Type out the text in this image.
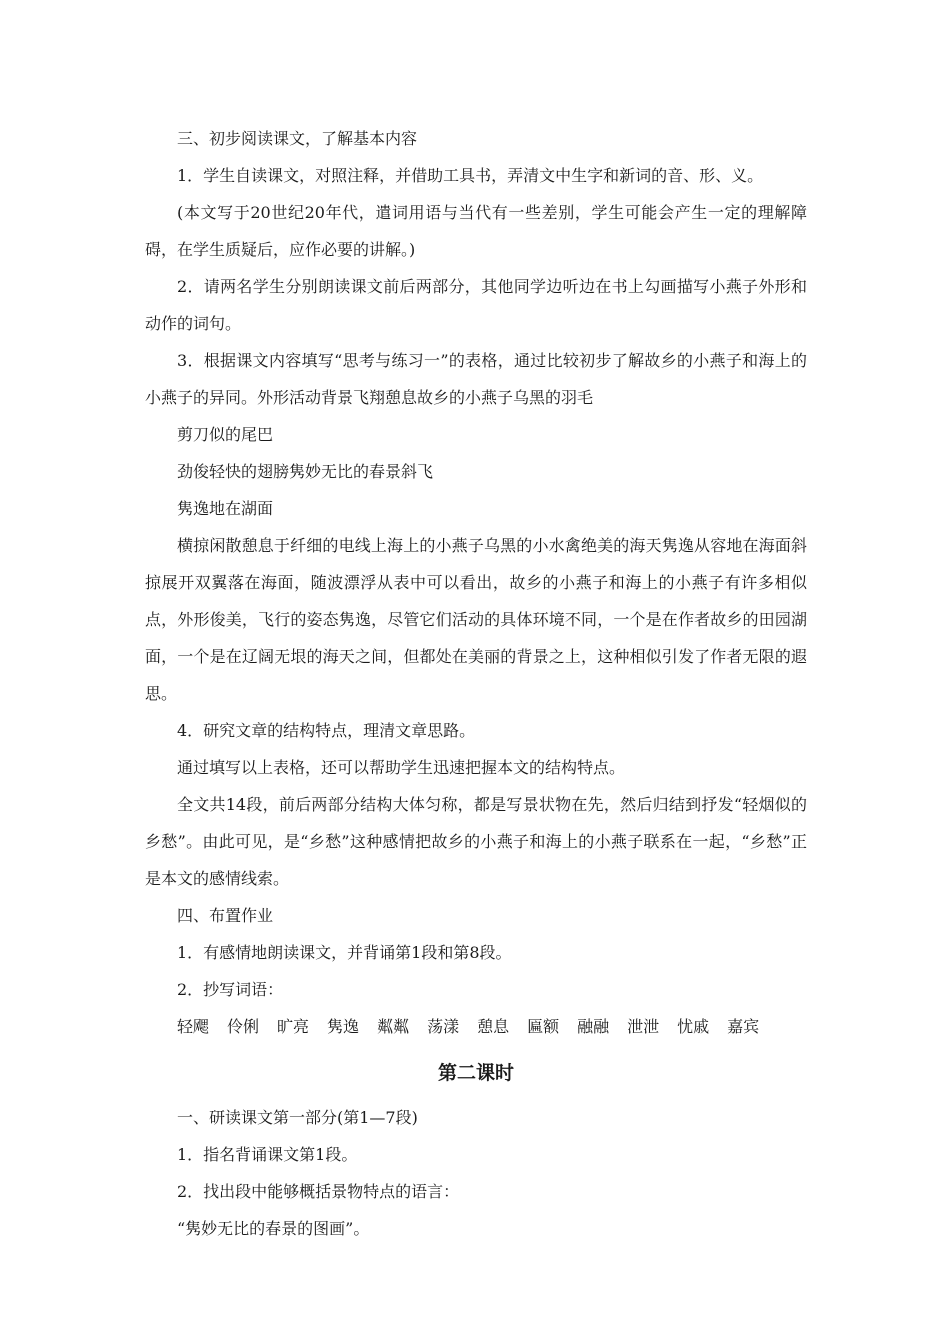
三、初步阅读课文，了解基本内容

1．学生自读课文，对照注释，并借助工具书，弄清文中生字和新词的音、形、义。

(本文写于20世纪20年代，遣词用语与当代有一些差别，学生可能会产生一定的理解障碍，在学生质疑后，应作必要的讲解。)

2．请两名学生分别朗读课文前后两部分，其他同学边听边在书上勾画描写小燕子外形和动作的词句。

3．根据课文内容填写“思考与练习一”的表格，通过比较初步了解故乡的小燕子和海上的小燕子的异同。外形活动背景飞翔憩息故乡的小燕子乌黑的羽毛

剪刀似的尾巴

劲俊轻快的翅膀隽妙无比的春景斜飞

隽逸地在湖面

横掠闲散憩息于纤细的电线上海上的小燕子乌黑的小水禽绝美的海天隽逸从容地在海面斜掠展开双翼落在海面，随波漂浮从表中可以看出，故乡的小燕子和海上的小燕子有许多相似点，外形俊美，飞行的姿态隽逸，尽管它们活动的具体环境不同，一个是在作者故乡的田园湖面，一个是在辽阔无垠的海天之间，但都处在美丽的背景之上，这种相似引发了作者无限的遐思。

4．研究文章的结构特点，理清文章思路。

通过填写以上表格，还可以帮助学生迅速把握本文的结构特点。

全文共14段，前后两部分结构大体匀称，都是写景状物在先，然后归结到抒发“轻烟似的乡愁”。由此可见，是“乡愁”这种感情把故乡的小燕子和海上的小燕子联系在一起，“乡愁”正是本文的感情线索。

四、布置作业

1．有感情地朗读课文，并背诵第1段和第8段。

2．抄写词语：

轻飔 伶俐 旷亮 隽逸 粼粼 荡漾 憩息 匾额 融融 泄泄 忧戚 嘉宾
第二课时

一、研读课文第一部分(第1—7段)

1．指名背诵课文第1段。

2．找出段中能够概括景物特点的语言：

“隽妙无比的春景的图画”。
